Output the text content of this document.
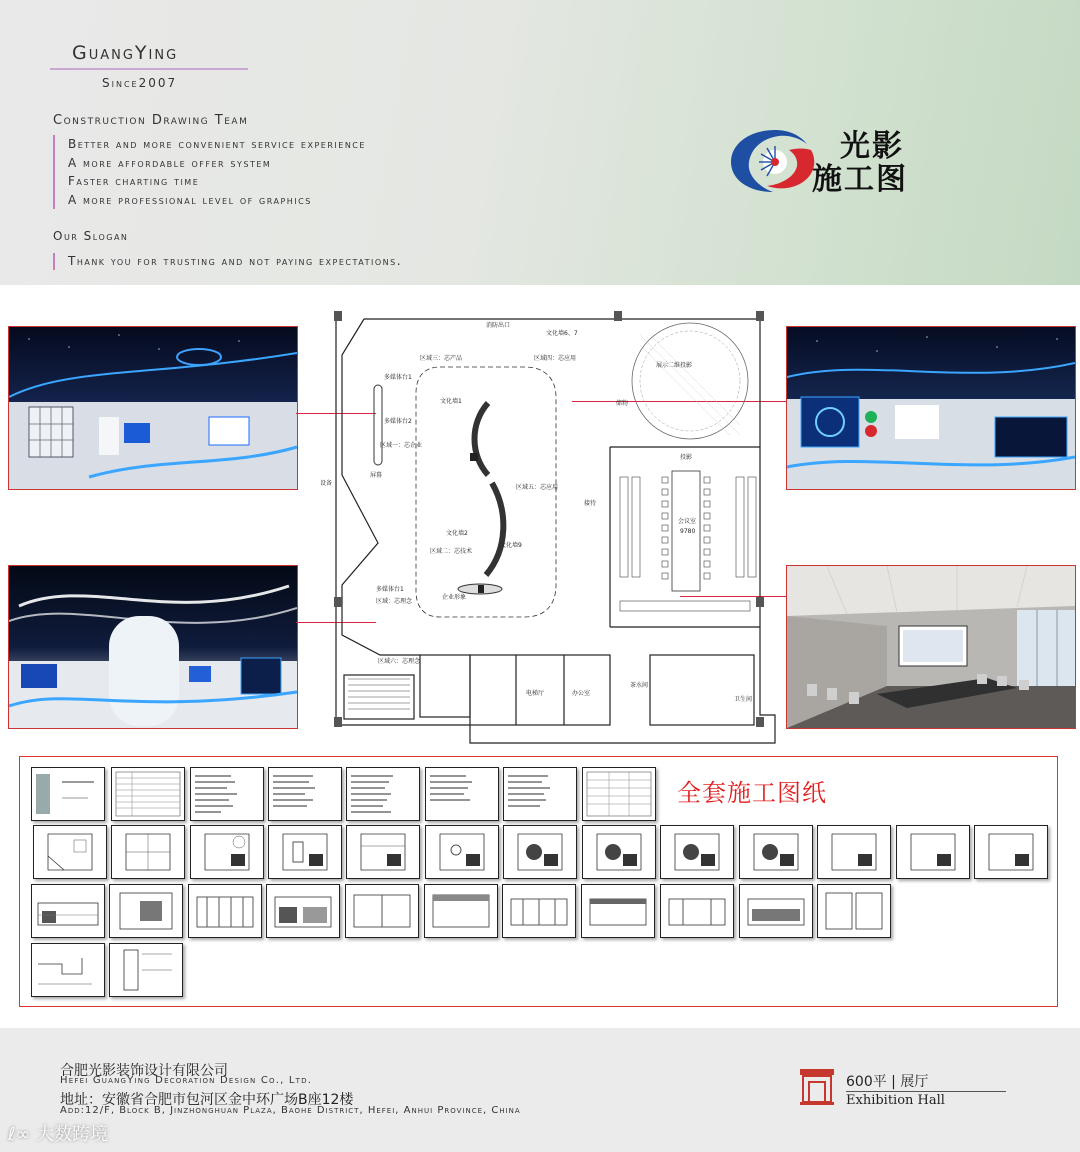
GuangYing
Since2007
Construction Drawing Team
Better and more convenient service experience
A more affordable offer system
Faster charting time
A more professional level of graphics
Our Slogan
Thank you for trusting and not paying expectations.
光影
施工图
消防出口
文化墙6、7
区域三：芯产品	区域四：芯应用
多媒体台1
多媒体台2
文化墙1
区域一：芯企业
区域五：芯应用
文化墙2
文化墙9
区域二：芯技术
屏幕
多媒体台1
区域：芯理念
企业形象
区域六：芯理念
展示二维投影
投影
会议室
9780
接待
设备
茶水间
卫生间
电梯厅	办公室
储物
全套施工图纸
合肥光影装饰设计有限公司
Hefei GuangYing Decoration Design Co., Ltd.
地址：安徽省合肥市包河区金中环广场B座12楼
Add:12/F, Block B, Jinzhonghuan Plaza, Baohe District, Hefei, Anhui Province, China
600平 | 展厅
Exhibition Hall
ℓ∞ 大数跨境
